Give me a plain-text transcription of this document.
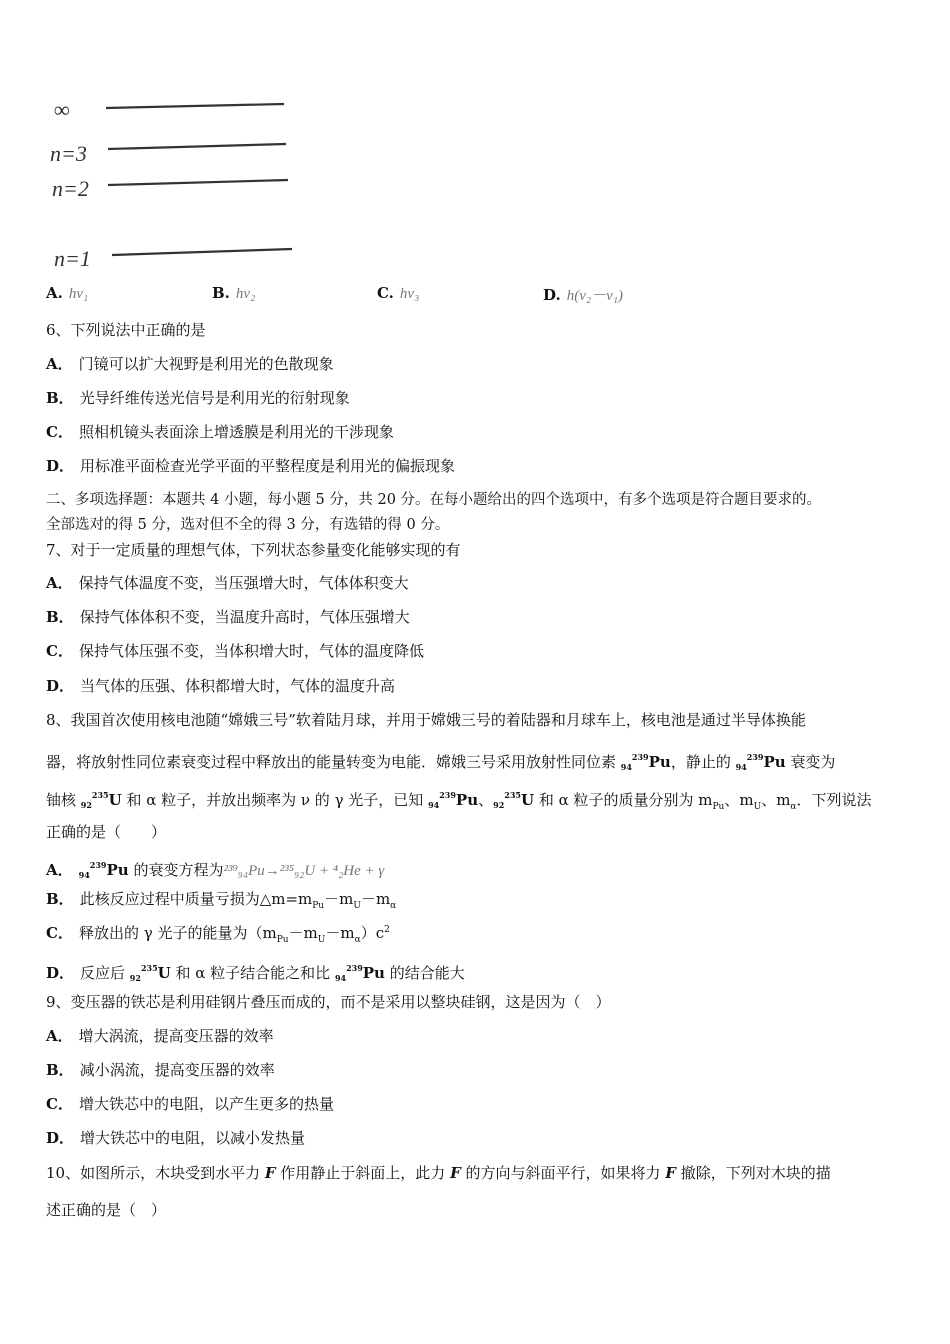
∞
n=3
n=2
n=1
A. hν₁	B. hν₂	C. hν₃	D. h(ν₂－ν₁)
6、下列说法中正确的是
A． 门镜可以扩大视野是利用光的色散现象
B． 光导纤维传送光信号是利用光的衍射现象
C． 照相机镜头表面涂上增透膜是利用光的干涉现象
D． 用标准平面检查光学平面的平整程度是利用光的偏振现象
二、多项选择题：本题共 4 小题，每小题 5 分，共 20 分。在每小题给出的四个选项中，有多个选项是符合题目要求的。
全部选对的得 5 分，选对但不全的得 3 分，有选错的得 0 分。
7、对于一定质量的理想气体，下列状态参量变化能够实现的有
A． 保持气体温度不变，当压强增大时，气体体积变大
B． 保持气体体积不变，当温度升高时，气体压强增大
C． 保持气体压强不变，当体积增大时，气体的温度降低
D． 当气体的压强、体积都增大时，气体的温度升高
8、我国首次使用核电池随“嫦娥三号”软着陆月球，并用于嫦娥三号的着陆器和月球车上，核电池是通过半导体换能
器，将放射性同位素衰变过程中释放出的能量转变为电能．嫦娥三号采用放射性同位素 $_{94}^{239}$Pu，静止的 $_{94}^{239}$Pu 衰变为
铀核 $_{92}^{235}$U 和 α 粒子，并放出频率为 ν 的 γ 光子，已知 $_{94}^{239}$Pu、$_{92}^{235}$U 和 α 粒子的质量分别为 $m_{Pu}$、$m_U$、$m_\alpha$．下列说法
正确的是（　　）
A． $_{94}^{239}$Pu 的衰变方程为²³⁹₉₄Pu→²³⁵₉₂U + ⁴₂He + γ
B． 此核反应过程中质量亏损为$\triangle m=m_{Pu}-m_U-m_\alpha$
C． 释放出的 γ 光子的能量为$(m_{Pu}-m_U-m_\alpha)c^2$
D． 反应后 $_{92}^{235}$U 和 α 粒子结合能之和比 $_{94}^{239}$Pu 的结合能大
9、变压器的铁芯是利用硅钢片叠压而成的，而不是采用以整块硅钢，这是因为（　）
A． 增大涡流，提高变压器的效率
B． 减小涡流，提高变压器的效率
C． 增大铁芯中的电阻，以产生更多的热量
D． 增大铁芯中的电阻，以减小发热量
10、如图所示，木块受到水平力 F 作用静止于斜面上，此力 F 的方向与斜面平行，如果将力 F 撤除，下列对木块的描
述正确的是（　）
